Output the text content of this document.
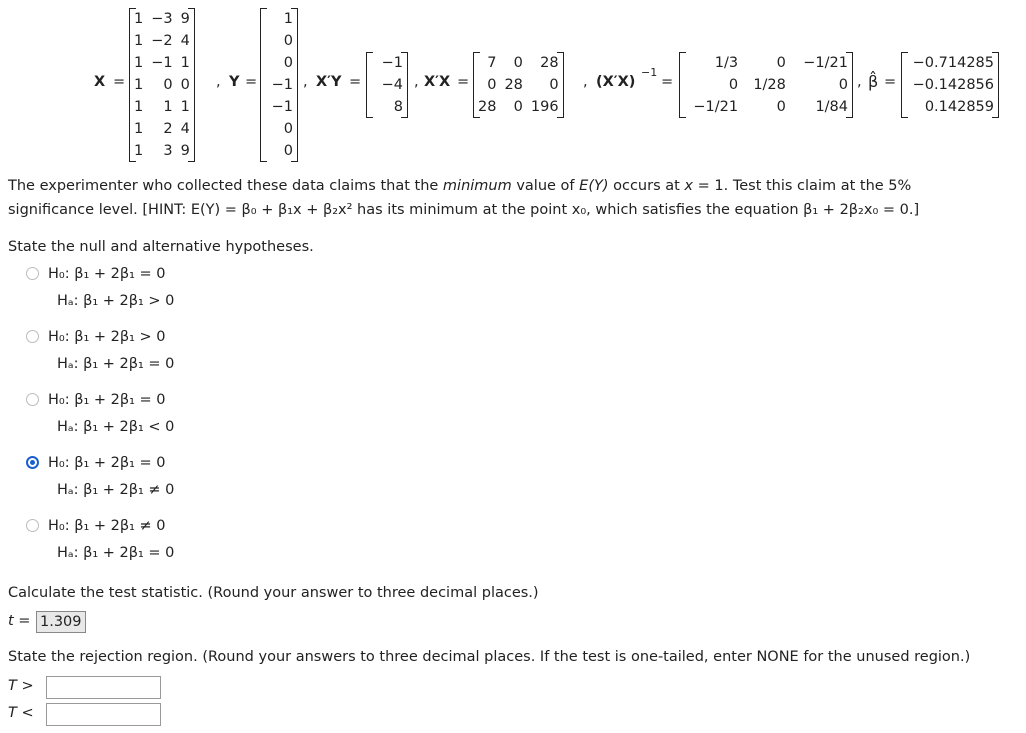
X =
1	−3	9
1	−2	4
1	−1	1
1	0	0
1	1	1
1	2	4
1	3	9
, Y =
1
0
0
−1
−1
0
0
, X′Y =
−1
−4
8
, X′X =
7	0	28
0	28	0
28	0	196
, (X′X)
−1
=
1/3	0	−1/21
0	1/28	0
−1/21	0	1/84
, β̂ =
−0.714285
−0.142856
0.142859
The experimenter who collected these data claims that the minimum value of E(Y) occurs at x = 1. Test this claim at the 5%
significance level. [HINT: E(Y) = β₀ + β₁x + β₂x² has its minimum at the point x₀, which satisfies the equation β₁ + 2β₂x₀ = 0.]
State the null and alternative hypotheses.
H₀: β₁ + 2β₁ = 0
Hₐ: β₁ + 2β₁ > 0
H₀: β₁ + 2β₁ > 0
Hₐ: β₁ + 2β₁ = 0
H₀: β₁ + 2β₁ = 0
Hₐ: β₁ + 2β₁ < 0
H₀: β₁ + 2β₁ = 0
Hₐ: β₁ + 2β₁ ≠ 0
H₀: β₁ + 2β₁ ≠ 0
Hₐ: β₁ + 2β₁ = 0
Calculate the test statistic. (Round your answer to three decimal places.)
t = 1.309
State the rejection region. (Round your answers to three decimal places. If the test is one-tailed, enter NONE for the unused region.)
T >
T <
